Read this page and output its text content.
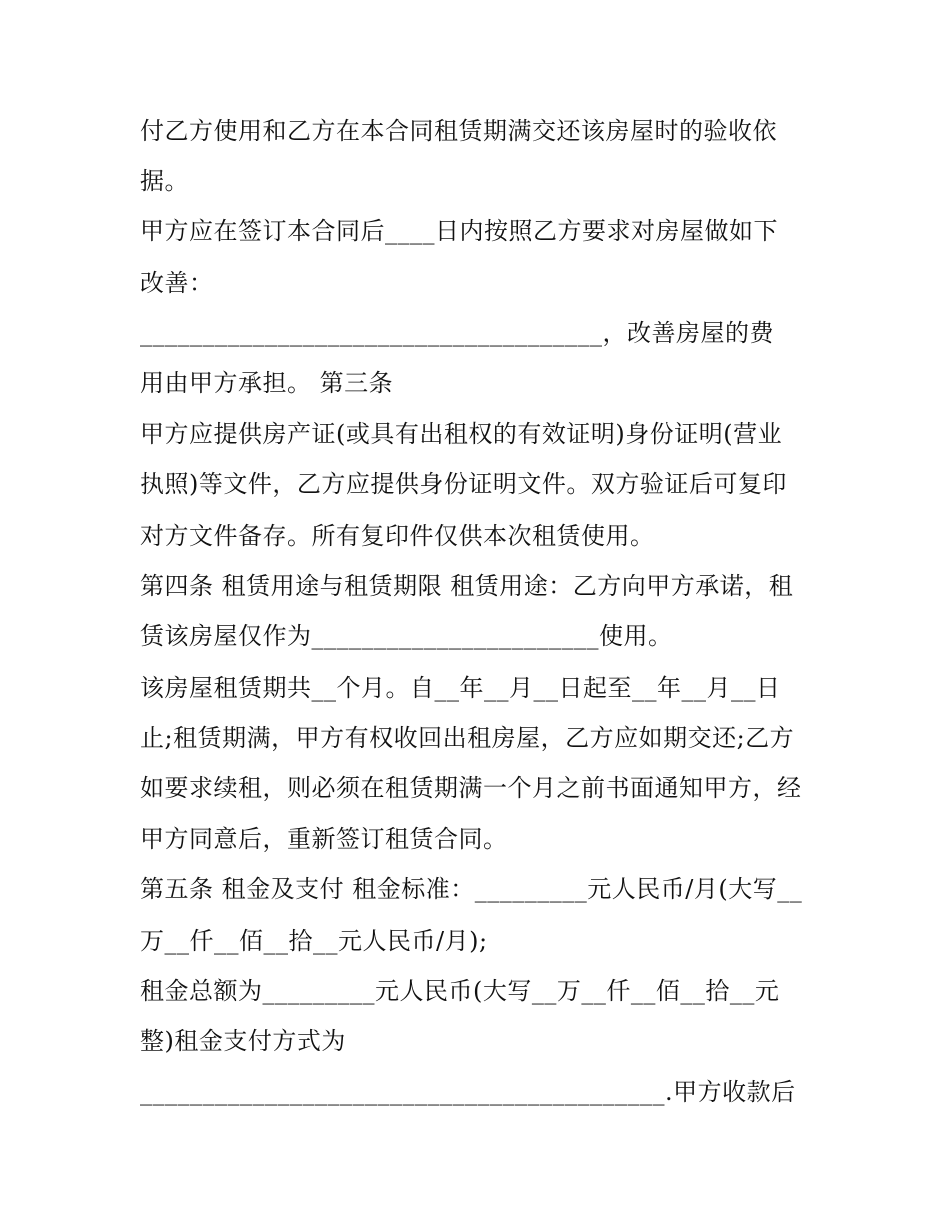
付乙方使用和乙方在本合同租赁期满交还该房屋时的验收依
据。
甲方应在签订本合同后____日内按照乙方要求对房屋做如下
改善：
_____________________________________，改善房屋的费
用由甲方承担。 第三条
甲方应提供房产证(或具有出租权的有效证明)身份证明(营业
执照)等文件，乙方应提供身份证明文件。双方验证后可复印
对方文件备存。所有复印件仅供本次租赁使用。
第四条 租赁用途与租赁期限 租赁用途：乙方向甲方承诺，租
赁该房屋仅作为_______________________使用。
该房屋租赁期共__个月。自__年__月__日起至__年__月__日
止;租赁期满，甲方有权收回出租房屋，乙方应如期交还;乙方
如要求续租，则必须在租赁期满一个月之前书面通知甲方，经
甲方同意后，重新签订租赁合同。
第五条 租金及支付 租金标准：_________元人民币/月(大写__
万__仟__佰__拾__元人民币/月);
租金总额为_________元人民币(大写__万__仟__佰__拾__元
整)租金支付方式为
__________________________________________.甲方收款后
